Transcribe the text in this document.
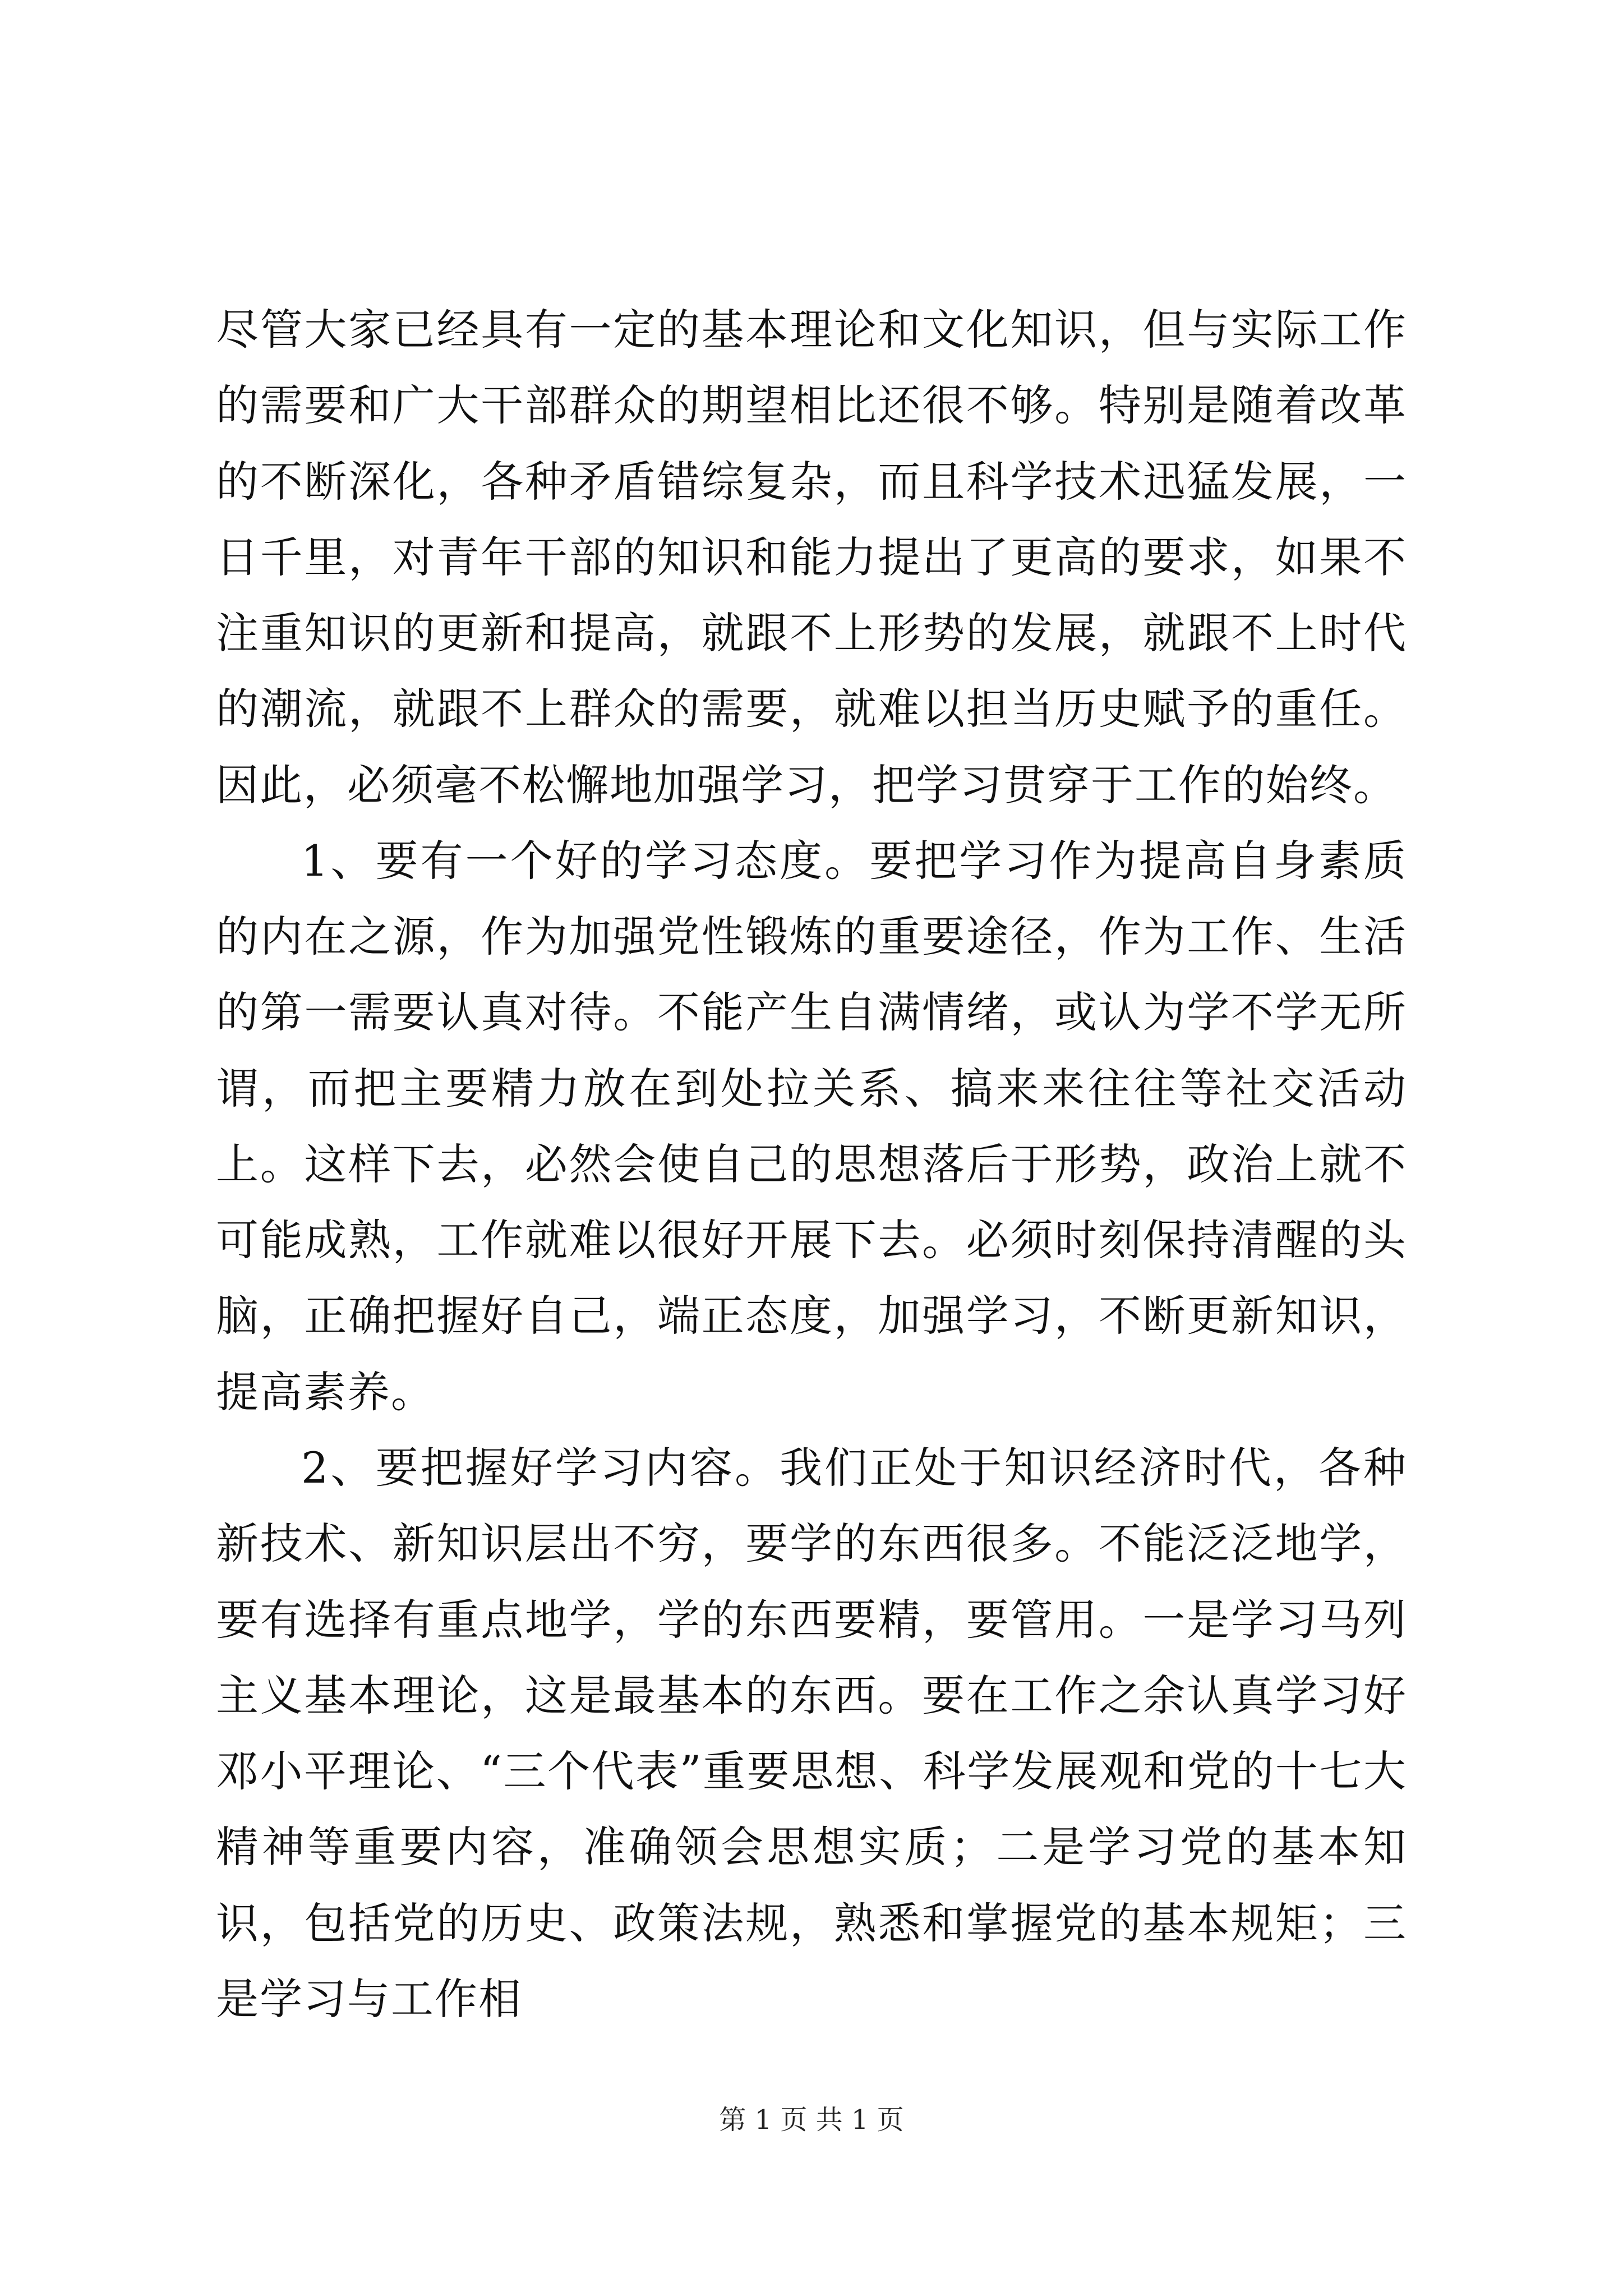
尽管大家已经具有一定的基本理论和文化知识，但与实际工作的需要和广大干部群众的期望相比还很不够。特别是随着改革的不断深化，各种矛盾错综复杂，而且科学技术迅猛发展，一日千里，对青年干部的知识和能力提出了更高的要求，如果不注重知识的更新和提高，就跟不上形势的发展，就跟不上时代的潮流，就跟不上群众的需要，就难以担当历史赋予的重任。因此，必须毫不松懈地加强学习，把学习贯穿于工作的始终。

1、要有一个好的学习态度。要把学习作为提高自身素质的内在之源，作为加强党性锻炼的重要途径，作为工作、生活的第一需要认真对待。不能产生自满情绪，或认为学不学无所谓，而把主要精力放在到处拉关系、搞来来往往等社交活动上。这样下去，必然会使自己的思想落后于形势，政治上就不可能成熟，工作就难以很好开展下去。必须时刻保持清醒的头脑，正确把握好自己，端正态度，加强学习，不断更新知识，提高素养。

2、要把握好学习内容。我们正处于知识经济时代，各种新技术、新知识层出不穷，要学的东西很多。不能泛泛地学，要有选择有重点地学，学的东西要精，要管用。一是学习马列主义基本理论，这是最基本的东西。要在工作之余认真学习好邓小平理论、“三个代表”重要思想、科学发展观和党的十七大精神等重要内容，准确领会思想实质；二是学习党的基本知识，包括党的历史、政策法规，熟悉和掌握党的基本规矩；三是学习与工作相

第 1 页 共 1 页
